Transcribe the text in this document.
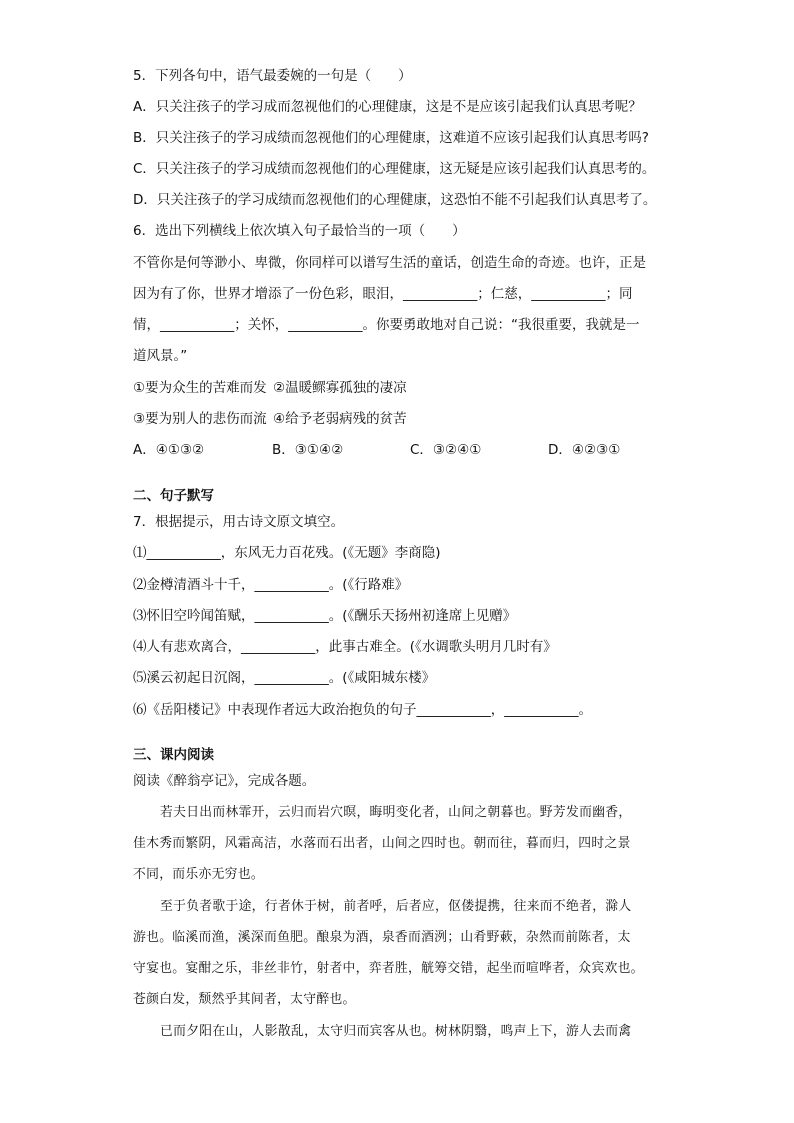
5．下列各句中，语气最委婉的一句是（　　）
A．只关注孩子的学习成而忽视他们的心理健康，这是不是应该引起我们认真思考呢？
B．只关注孩子的学习成绩而忽视他们的心理健康，这难道不应该引起我们认真思考吗?
C．只关注孩子的学习成绩而忽视他们的心理健康，这无疑是应该引起我们认真思考的。
D．只关注孩子的学习成绩而忽视他们的心理健康，这恐怕不能不引起我们认真思考了。
6．选出下列横线上依次填入句子最恰当的一项（　　）
不管你是何等渺小、卑微，你同样可以谱写生活的童话，创造生命的奇迹。也许，正是
因为有了你，世界才增添了一份色彩，眼泪，___________；仁慈，___________；同
情，___________；关怀，___________。你要勇敢地对自己说：“我很重要，我就是一
道风景。”
①要为众生的苦难而发 ②温暖鳏寡孤独的凄凉
③要为别人的悲伤而流 ④给予老弱病残的贫苦
A．④①③②	B．③①④②	C．③②④①	D．④②③①
二、句子默写
7．根据提示，用古诗文原文填空。
⑴___________，东风无力百花残。(《无题》李商隐)
⑵金樽清酒斗十千，___________。(《行路难》
⑶怀旧空吟闻笛赋，___________。(《酬乐天扬州初逢席上见赠》
⑷人有悲欢离合，___________，此事古难全。(《水调歌头明月几时有》
⑸溪云初起日沉阁，___________。(《咸阳城东楼》
⑹《岳阳楼记》中表现作者远大政治抱负的句子___________，___________。
三、课内阅读
阅读《醉翁亭记》，完成各题。
若夫日出而林霏开，云归而岩穴暝，晦明变化者，山间之朝暮也。野芳发而幽香，
佳木秀而繁阴，风霜高洁，水落而石出者，山间之四时也。朝而往，暮而归，四时之景
不同，而乐亦无穷也。
至于负者歌于途，行者休于树，前者呼，后者应，伛偻提携，往来而不绝者，滁人
游也。临溪而渔，溪深而鱼肥。酿泉为酒，泉香而酒洌；山肴野蔌，杂然而前陈者，太
守宴也。宴酣之乐，非丝非竹，射者中，弈者胜，觥筹交错，起坐而喧哗者，众宾欢也。
苍颜白发，颓然乎其间者，太守醉也。
已而夕阳在山，人影散乱，太守归而宾客从也。树林阴翳，鸣声上下，游人去而禽
